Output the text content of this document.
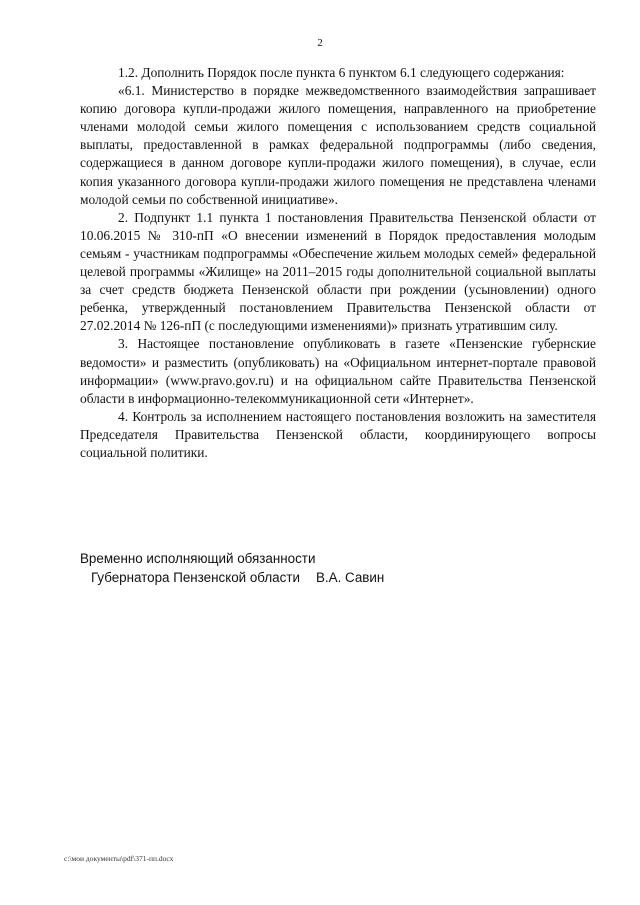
2

1.2. Дополнить Порядок после пункта 6 пунктом 6.1 следующего содержания:

«6.1. Министерство в порядке межведомственного взаимодействия запрашивает копию договора купли-продажи жилого помещения, направленного на приобретение членами молодой семьи жилого помещения с использованием средств социальной выплаты, предоставленной в рамках федеральной подпрограммы (либо сведения, содержащиеся в данном договоре купли-продажи жилого помещения), в случае, если копия указанного договора купли-продажи жилого помещения не представлена членами молодой семьи по собственной инициативе».

2. Подпункт 1.1 пункта 1 постановления Правительства Пензенской области от 10.06.2015 № 310-пП «О внесении изменений в Порядок предоставления молодым семьям - участникам подпрограммы «Обеспечение жильем молодых семей» федеральной целевой программы «Жилище» на 2011–2015 годы дополнительной социальной выплаты за счет средств бюджета Пензенской области при рождении (усыновлении) одного ребенка, утвержденный постановлением Правительства Пензенской области от 27.02.2014 № 126-пП (с последующими изменениями)» признать утратившим силу.

3. Настоящее постановление опубликовать в газете «Пензенские губернские ведомости» и разместить (опубликовать) на «Официальном интернет-портале правовой информации» (www.pravo.gov.ru) и на официальном сайте Правительства Пензенской области в информационно-телекоммуникационной сети «Интернет».

4. Контроль за исполнением настоящего постановления возложить на заместителя Председателя Правительства Пензенской области, координирующего вопросы социальной политики.

Временно исполняющий обязанности
Губернатора Пензенской области В.А. Савин
c:\мои документы\pdf\371-пп.docx
